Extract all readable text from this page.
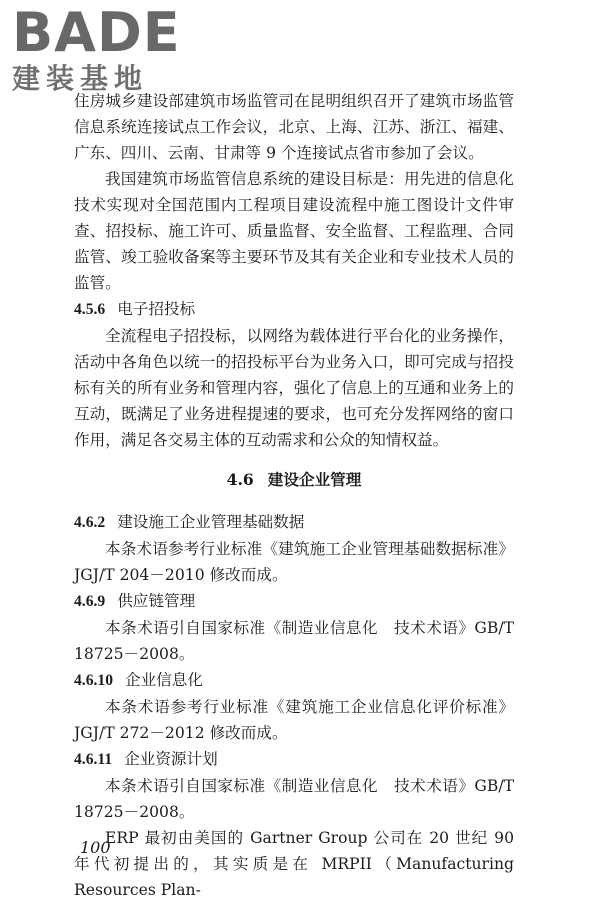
BADE
建装基地

住房城乡建设部建筑市场监管司在昆明组织召开了建筑市场监管信息系统连接试点工作会议，北京、上海、江苏、浙江、福建、广东、四川、云南、甘肃等 9 个连接试点省市参加了会议。

我国建筑市场监管信息系统的建设目标是：用先进的信息化技术实现对全国范围内工程项目建设流程中施工图设计文件审查、招投标、施工许可、质量监督、安全监督、工程监理、合同监管、竣工验收备案等主要环节及其有关企业和专业技术人员的监管。

4.5.6 电子招投标

全流程电子招投标，以网络为载体进行平台化的业务操作，活动中各角色以统一的招投标平台为业务入口，即可完成与招投标有关的所有业务和管理内容，强化了信息上的互通和业务上的互动，既满足了业务进程提速的要求，也可充分发挥网络的窗口作用，满足各交易主体的互动需求和公众的知情权益。

4.6 建设企业管理

4.6.2 建设施工企业管理基础数据

本条术语参考行业标准《建筑施工企业管理基础数据标准》JGJ/T 204－2010 修改而成。

4.6.9 供应链管理

本条术语引自国家标准《制造业信息化　技术术语》GB/T 18725－2008。

4.6.10 企业信息化

本条术语参考行业标准《建筑施工企业信息化评价标准》JGJ/T 272－2012 修改而成。

4.6.11 企业资源计划

本条术语引自国家标准《制造业信息化　技术术语》GB/T 18725－2008。

ERP 最初由美国的 Gartner Group 公司在 20 世纪 90 年代初提出的，其实质是在 MRPII（Manufacturing Resources Plan-

100
